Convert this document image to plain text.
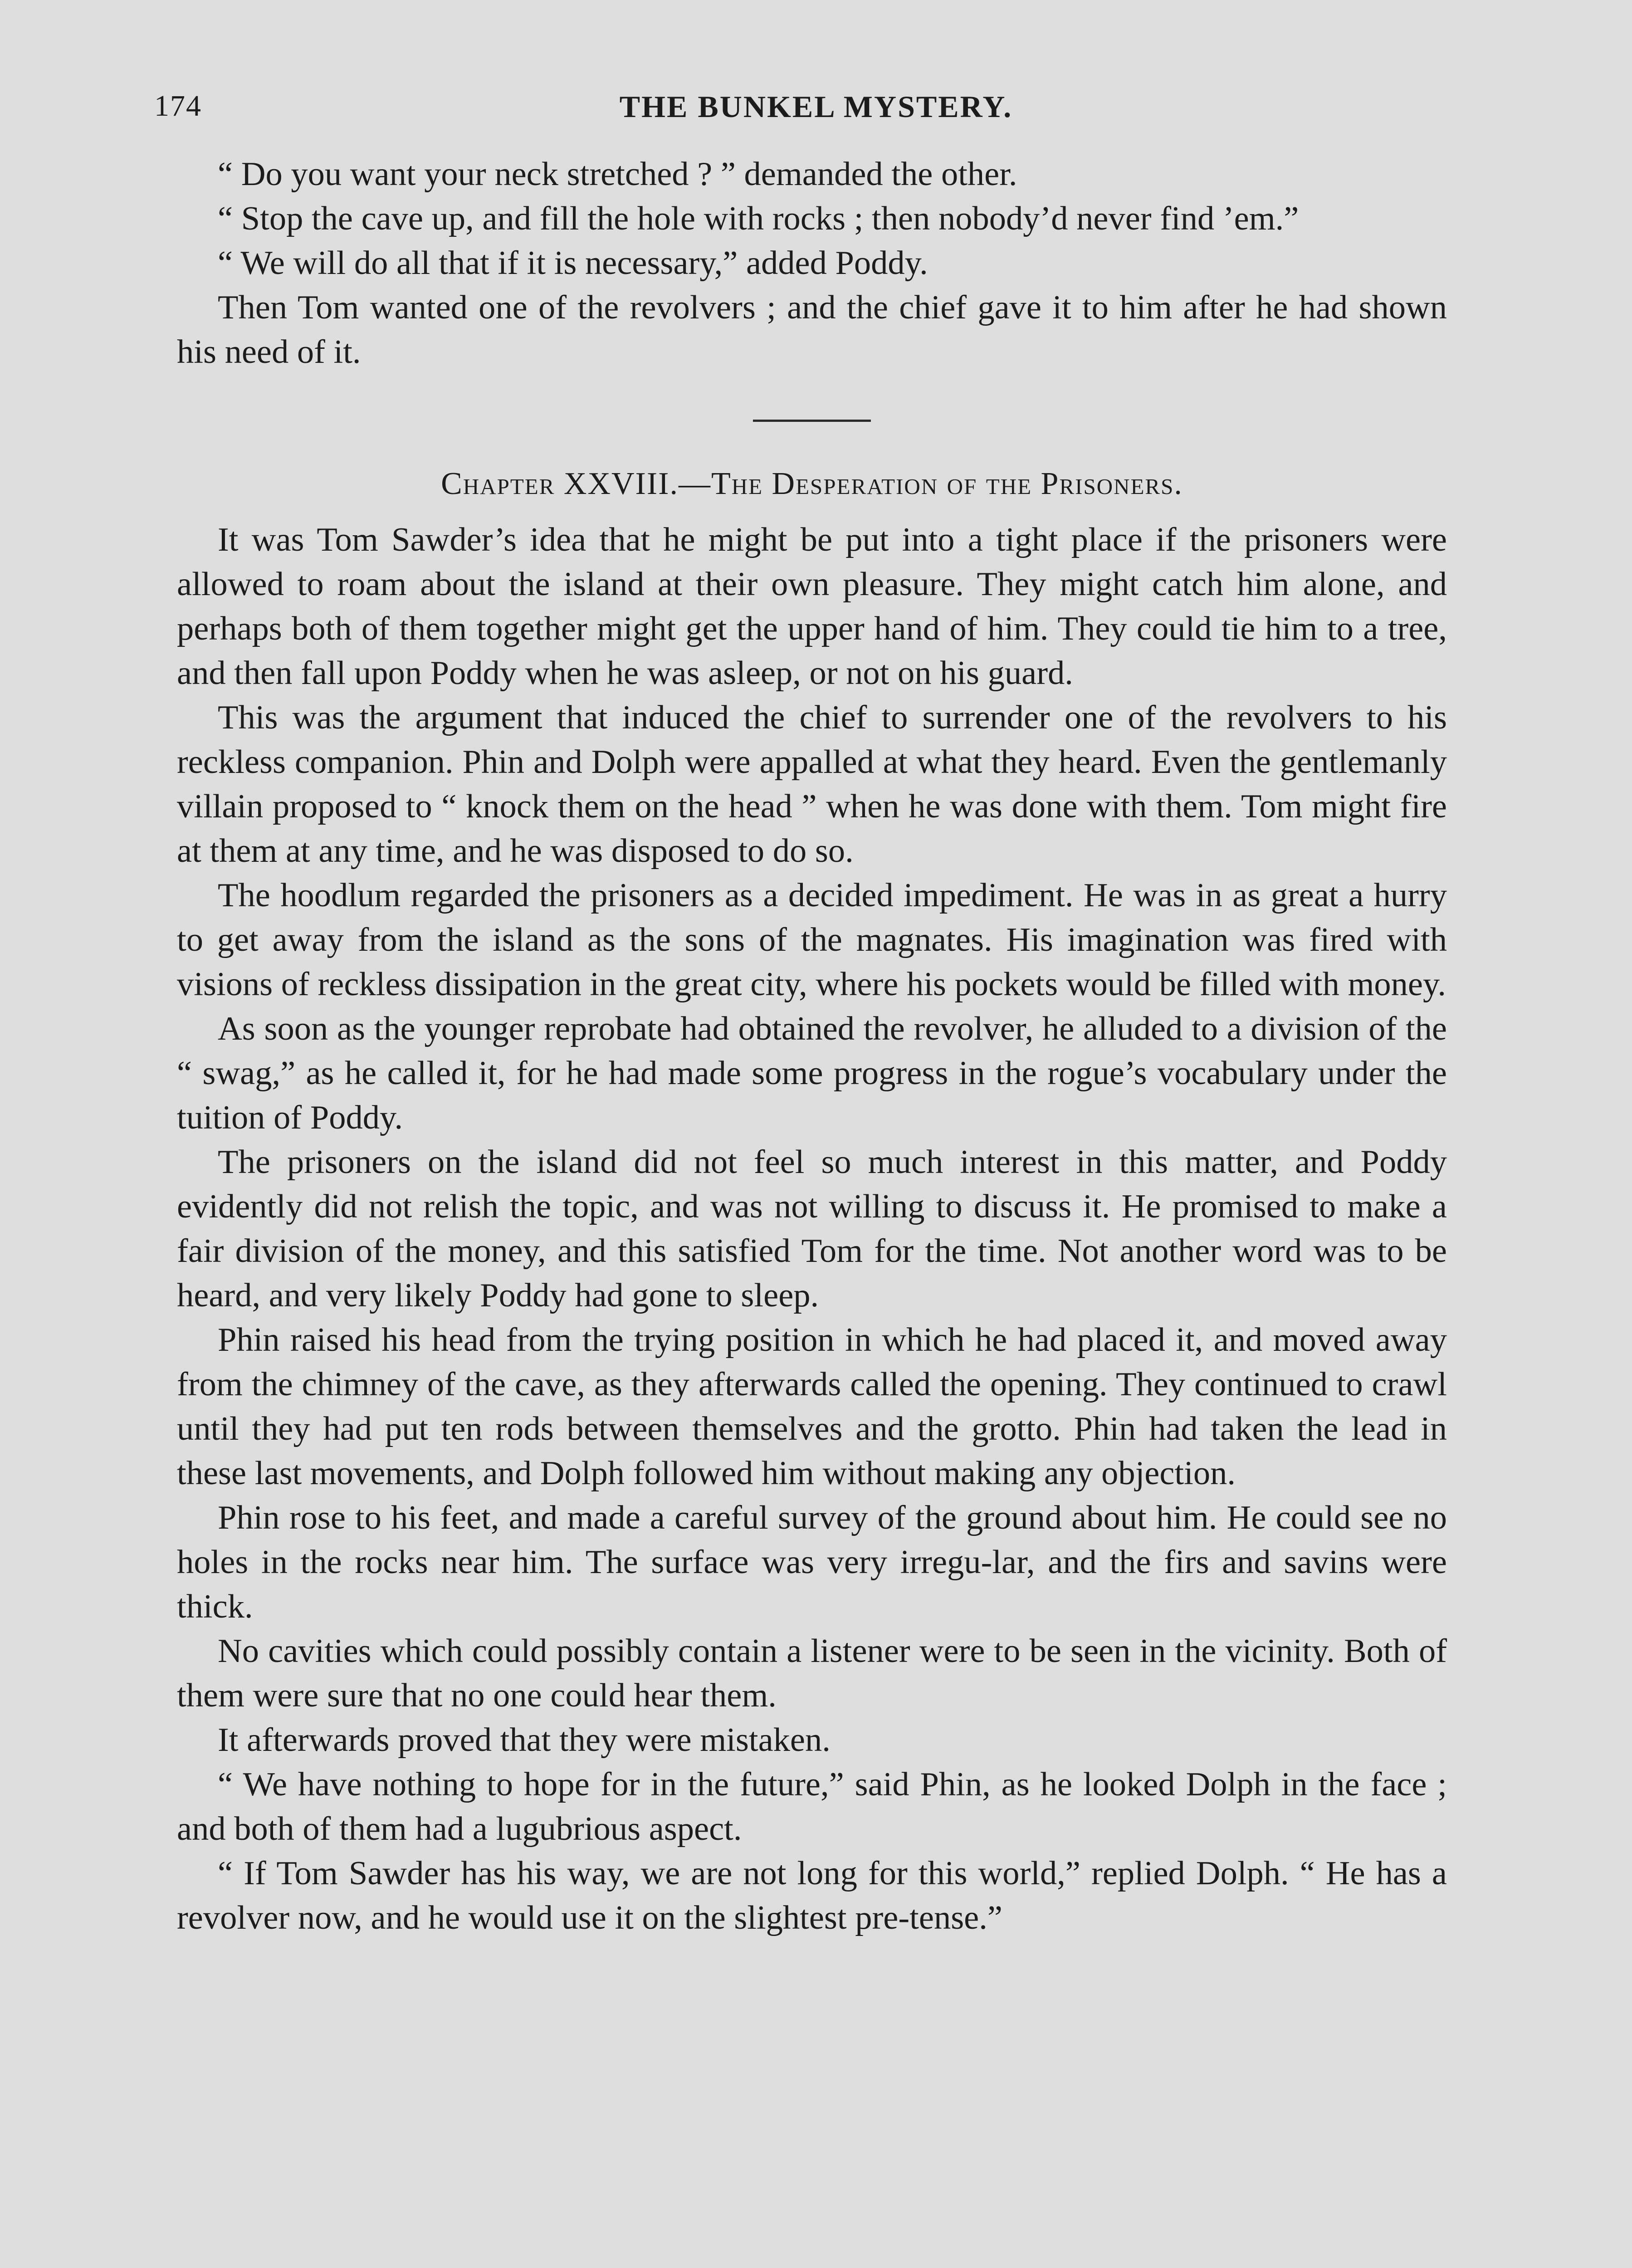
174	THE BUNKEL MYSTERY.

“ Do you want your neck stretched ? ” demanded the other.

“ Stop the cave up, and fill the hole with rocks ; then nobody’d never find ’em.”

“ We will do all that if it is necessary,” added Poddy.

Then Tom wanted one of the revolvers ; and the chief gave it to him after he had shown his need of it.

Chapter XXVIII.—The Desperation of the Prisoners.

It was Tom Sawder’s idea that he might be put into a tight place if the prisoners were allowed to roam about the island at their own pleasure. They might catch him alone, and perhaps both of them together might get the upper hand of him. They could tie him to a tree, and then fall upon Poddy when he was asleep, or not on his guard.

This was the argument that induced the chief to surrender one of the revolvers to his reckless companion. Phin and Dolph were appalled at what they heard. Even the gentlemanly villain proposed to “ knock them on the head ” when he was done with them. Tom might fire at them at any time, and he was disposed to do so.

The hoodlum regarded the prisoners as a decided impediment. He was in as great a hurry to get away from the island as the sons of the magnates. His imagination was fired with visions of reckless dissipation in the great city, where his pockets would be filled with money.

As soon as the younger reprobate had obtained the revolver, he alluded to a division of the “ swag,” as he called it, for he had made some progress in the rogue’s vocabulary under the tuition of Poddy.

The prisoners on the island did not feel so much interest in this matter, and Poddy evidently did not relish the topic, and was not willing to discuss it. He promised to make a fair division of the money, and this satisfied Tom for the time. Not another word was to be heard, and very likely Poddy had gone to sleep.

Phin raised his head from the trying position in which he had placed it, and moved away from the chimney of the cave, as they afterwards called the opening. They continued to crawl until they had put ten rods between themselves and the grotto. Phin had taken the lead in these last movements, and Dolph followed him without making any objection.

Phin rose to his feet, and made a careful survey of the ground about him. He could see no holes in the rocks near him. The surface was very irregu-lar, and the firs and savins were thick.

No cavities which could possibly contain a listener were to be seen in the vicinity. Both of them were sure that no one could hear them.

It afterwards proved that they were mistaken.

“ We have nothing to hope for in the future,” said Phin, as he looked Dolph in the face ; and both of them had a lugubrious aspect.

“ If Tom Sawder has his way, we are not long for this world,” replied Dolph. “ He has a revolver now, and he would use it on the slightest pre-tense.”
